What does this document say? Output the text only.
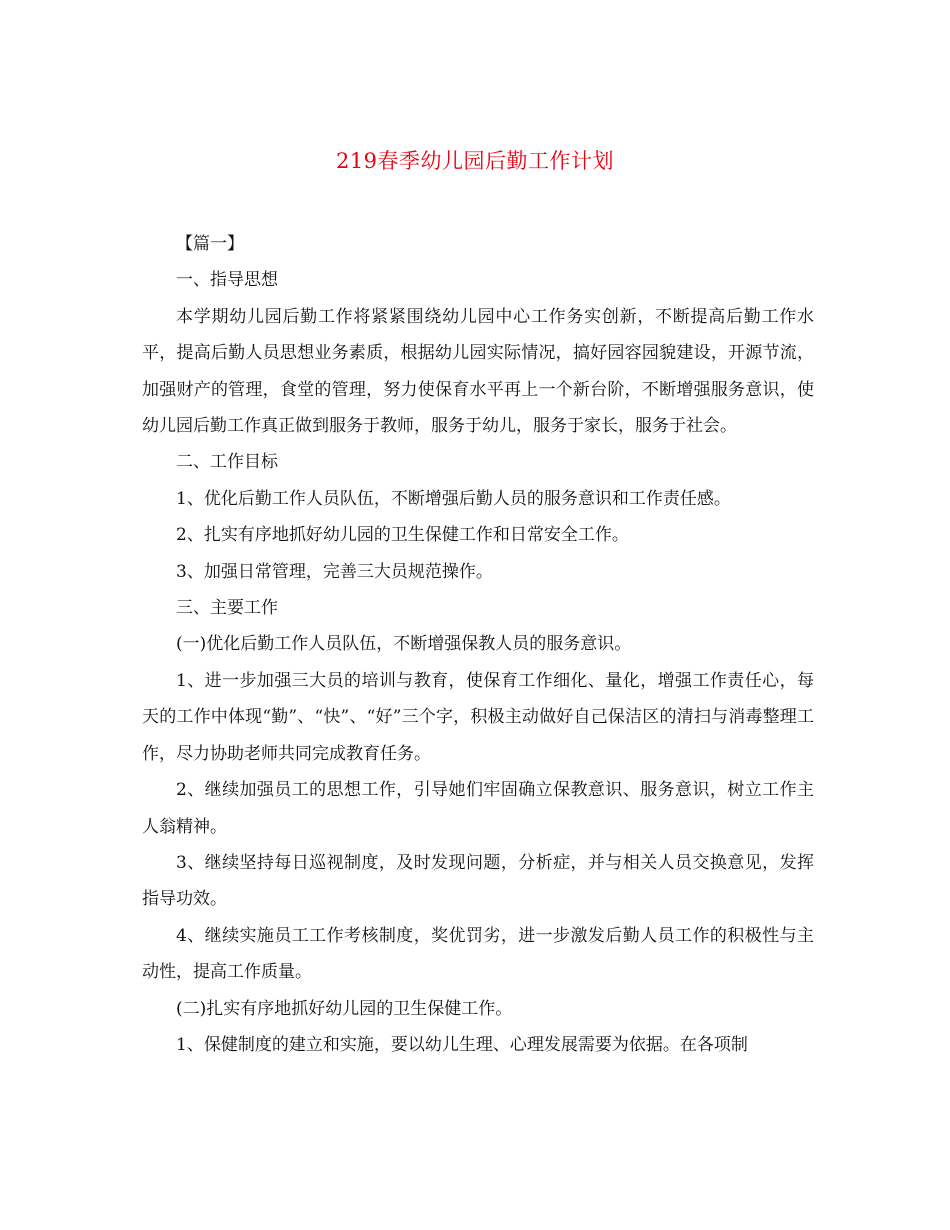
219春季幼儿园后勤工作计划

【篇一】

一、指导思想

本学期幼儿园后勤工作将紧紧围绕幼儿园中心工作务实创新，不断提高后勤工作水平，提高后勤人员思想业务素质，根据幼儿园实际情况，搞好园容园貌建设，开源节流，加强财产的管理，食堂的管理，努力使保育水平再上一个新台阶，不断增强服务意识，使幼儿园后勤工作真正做到服务于教师，服务于幼儿，服务于家长，服务于社会。

二、工作目标

1、优化后勤工作人员队伍，不断增强后勤人员的服务意识和工作责任感。

2、扎实有序地抓好幼儿园的卫生保健工作和日常安全工作。

3、加强日常管理，完善三大员规范操作。

三、主要工作

(一)优化后勤工作人员队伍，不断增强保教人员的服务意识。

1、进一步加强三大员的培训与教育，使保育工作细化、量化，增强工作责任心，每天的工作中体现“勤”、“快”、“好”三个字，积极主动做好自己保洁区的清扫与消毒整理工作，尽力协助老师共同完成教育任务。

2、继续加强员工的思想工作，引导她们牢固确立保教意识、服务意识，树立工作主人翁精神。

3、继续坚持每日巡视制度，及时发现问题，分析症，并与相关人员交换意见，发挥指导功效。

4、继续实施员工工作考核制度，奖优罚劣，进一步激发后勤人员工作的积极性与主动性，提高工作质量。

(二)扎实有序地抓好幼儿园的卫生保健工作。

1、保健制度的建立和实施，要以幼儿生理、心理发展需要为依据。在各项制
